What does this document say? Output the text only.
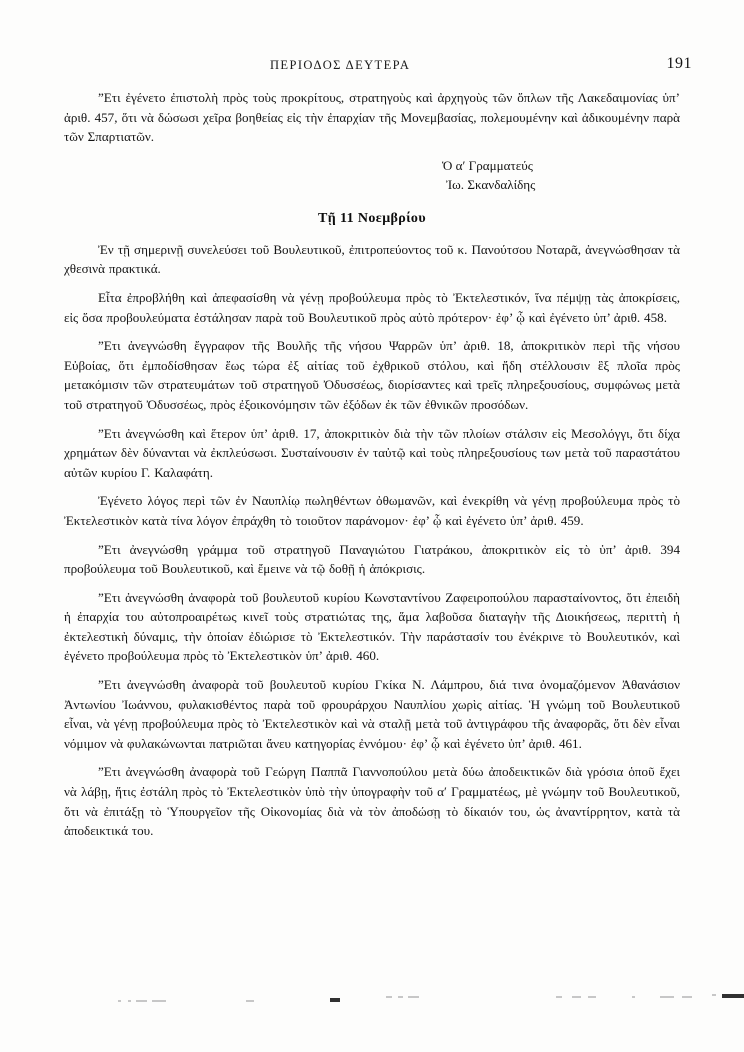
ΠΕΡΙΟΔΟΣ ΔΕΥΤΕΡΑ	191

”Ετι ἐγένετο ἐπιστολὴ πρὸς τοὺς προκρίτους, στρατηγοὺς καὶ ἀρχηγοὺς τῶν ὅπλων τῆς Λακεδαιμονίας ὑπ’ ἀριθ. 457, ὅτι νὰ δώσωσι χεῖρα βοηθείας εἰς τὴν ἐπαρχίαν τῆς Μονεμβασίας, πολεμουμένην καὶ ἀδικουμένην παρὰ τῶν Σπαρτιατῶν.

Ὁ α′ Γραμματεύς
Ἰω. Σκανδαλίδης
Τῇ 11 Νοεμβρίου

Ἐν τῇ σημερινῇ συνελεύσει τοῦ Βουλευτικοῦ, ἐπιτροπεύοντος τοῦ κ. Πανούτσου Νοταρᾶ, ἀνεγνώσθησαν τὰ χθεσινὰ πρακτικά.

Εἶτα ἐπροβλήθη καὶ ἀπεφασίσθη νὰ γένῃ προβούλευμα πρὸς τὸ Ἐκτελεστικόν, ἵνα πέμψῃ τὰς ἀποκρίσεις, εἰς ὅσα προβουλεύματα ἐστάλησαν παρὰ τοῦ Βουλευτικοῦ πρὸς αὐτὸ πρότερον· ἐφ’ ᾧ καὶ ἐγένετο ὑπ’ ἀριθ. 458.

”Ετι ἀνεγνώσθη ἔγγραφον τῆς Βουλῆς τῆς νήσου Ψαρρῶν ὑπ’ ἀριθ. 18, ἀποκριτικὸν περὶ τῆς νήσου Εὐβοίας, ὅτι ἐμποδίσθησαν ἕως τώρα ἐξ αἰτίας τοῦ ἐχθρικοῦ στόλου, καὶ ἤδη στέλλουσιν ἓξ πλοῖα πρὸς μετακόμισιν τῶν στρατευμάτων τοῦ στρατηγοῦ Ὀδυσσέως, διορίσαντες καὶ τρεῖς πληρεξουσίους, συμφώνως μετὰ τοῦ στρατηγοῦ Ὀδυσσέως, πρὸς ἐξοικονόμησιν τῶν ἐξόδων ἐκ τῶν ἐθνικῶν προσόδων.

”Ετι ἀνεγνώσθη καὶ ἕτερον ὑπ’ ἀριθ. 17, ἀποκριτικὸν διὰ τὴν τῶν πλοίων στάλσιν εἰς Μεσολόγγι, ὅτι δίχα χρημάτων δὲν δύνανται νὰ ἐκπλεύσωσι. Συσταίνουσιν ἐν ταὐτῷ καὶ τοὺς πληρεξουσίους των μετὰ τοῦ παραστάτου αὐτῶν κυρίου Γ. Καλαφάτη.

Ἐγένετο λόγος περὶ τῶν ἐν Ναυπλίῳ πωληθέντων ὀθωμανῶν, καὶ ἐνεκρίθη νὰ γένῃ προβούλευμα πρὸς τὸ Ἐκτελεστικὸν κατὰ τίνα λόγον ἐπράχθη τὸ τοιοῦτον παράνομον· ἐφ’ ᾧ καὶ ἐγένετο ὑπ’ ἀριθ. 459.

”Ετι ἀνεγνώσθη γράμμα τοῦ στρατηγοῦ Παναγιώτου Γιατράκου, ἀποκριτικὸν εἰς τὸ ὑπ’ ἀριθ. 394 προβούλευμα τοῦ Βουλευτικοῦ, καὶ ἔμεινε νὰ τῷ δοθῇ ἡ ἀπόκρισις.

”Ετι ἀνεγνώσθη ἀναφορὰ τοῦ βουλευτοῦ κυρίου Κωνσταντίνου Ζαφειροπούλου παρασταίνοντος, ὅτι ἐπειδὴ ἡ ἐπαρχία του αὐτοπροαιρέτως κινεῖ τοὺς στρατιώτας της, ἅμα λαβοῦσα διαταγὴν τῆς Διοικήσεως, περιττὴ ἡ ἐκτελεστικὴ δύναμις, τὴν ὁποίαν ἐδιώρισε τὸ Ἐκτελεστικόν. Τὴν παράστασίν του ἐνέκρινε τὸ Βουλευτικόν, καὶ ἐγένετο προβούλευμα πρὸς τὸ Ἐκτελεστικὸν ὑπ’ ἀριθ. 460.

”Ετι ἀνεγνώσθη ἀναφορὰ τοῦ βουλευτοῦ κυρίου Γκίκα Ν. Λάμπρου, διά τινα ὀνομαζόμενον Ἀθανάσιον Ἀντωνίου Ἰωάννου, φυλακισθέντος παρὰ τοῦ φρουράρχου Ναυπλίου χωρὶς αἰτίας. Ἡ γνώμη τοῦ Βουλευτικοῦ εἶναι, νὰ γένῃ προβούλευμα πρὸς τὸ Ἐκτελεστικὸν καὶ νὰ σταλῇ μετὰ τοῦ ἀντιγράφου τῆς ἀναφορᾶς, ὅτι δὲν εἶναι νόμιμον νὰ φυλακώνωνται πατριῶται ἄνευ κατηγορίας ἐννόμου· ἐφ’ ᾧ καὶ ἐγένετο ὑπ’ ἀριθ. 461.

”Ετι ἀνεγνώσθη ἀναφορὰ τοῦ Γεώργη Παππᾶ Γιαννοπούλου μετὰ δύω ἀποδεικτικῶν διὰ γρόσια ὁποῦ ἔχει νὰ λάβῃ, ἥτις ἐστάλη πρὸς τὸ Ἐκτελεστικὸν ὑπὸ τὴν ὑπογραφὴν τοῦ α′ Γραμματέως, μὲ γνώμην τοῦ Βουλευτικοῦ, ὅτι νὰ ἐπιτάξῃ τὸ Ὑπουργεῖον τῆς Οἰκονομίας διὰ νὰ τὸν ἀποδώσῃ τὸ δίκαιόν του, ὡς ἀναντίρρητον, κατὰ τὰ ἀποδεικτικά του.
